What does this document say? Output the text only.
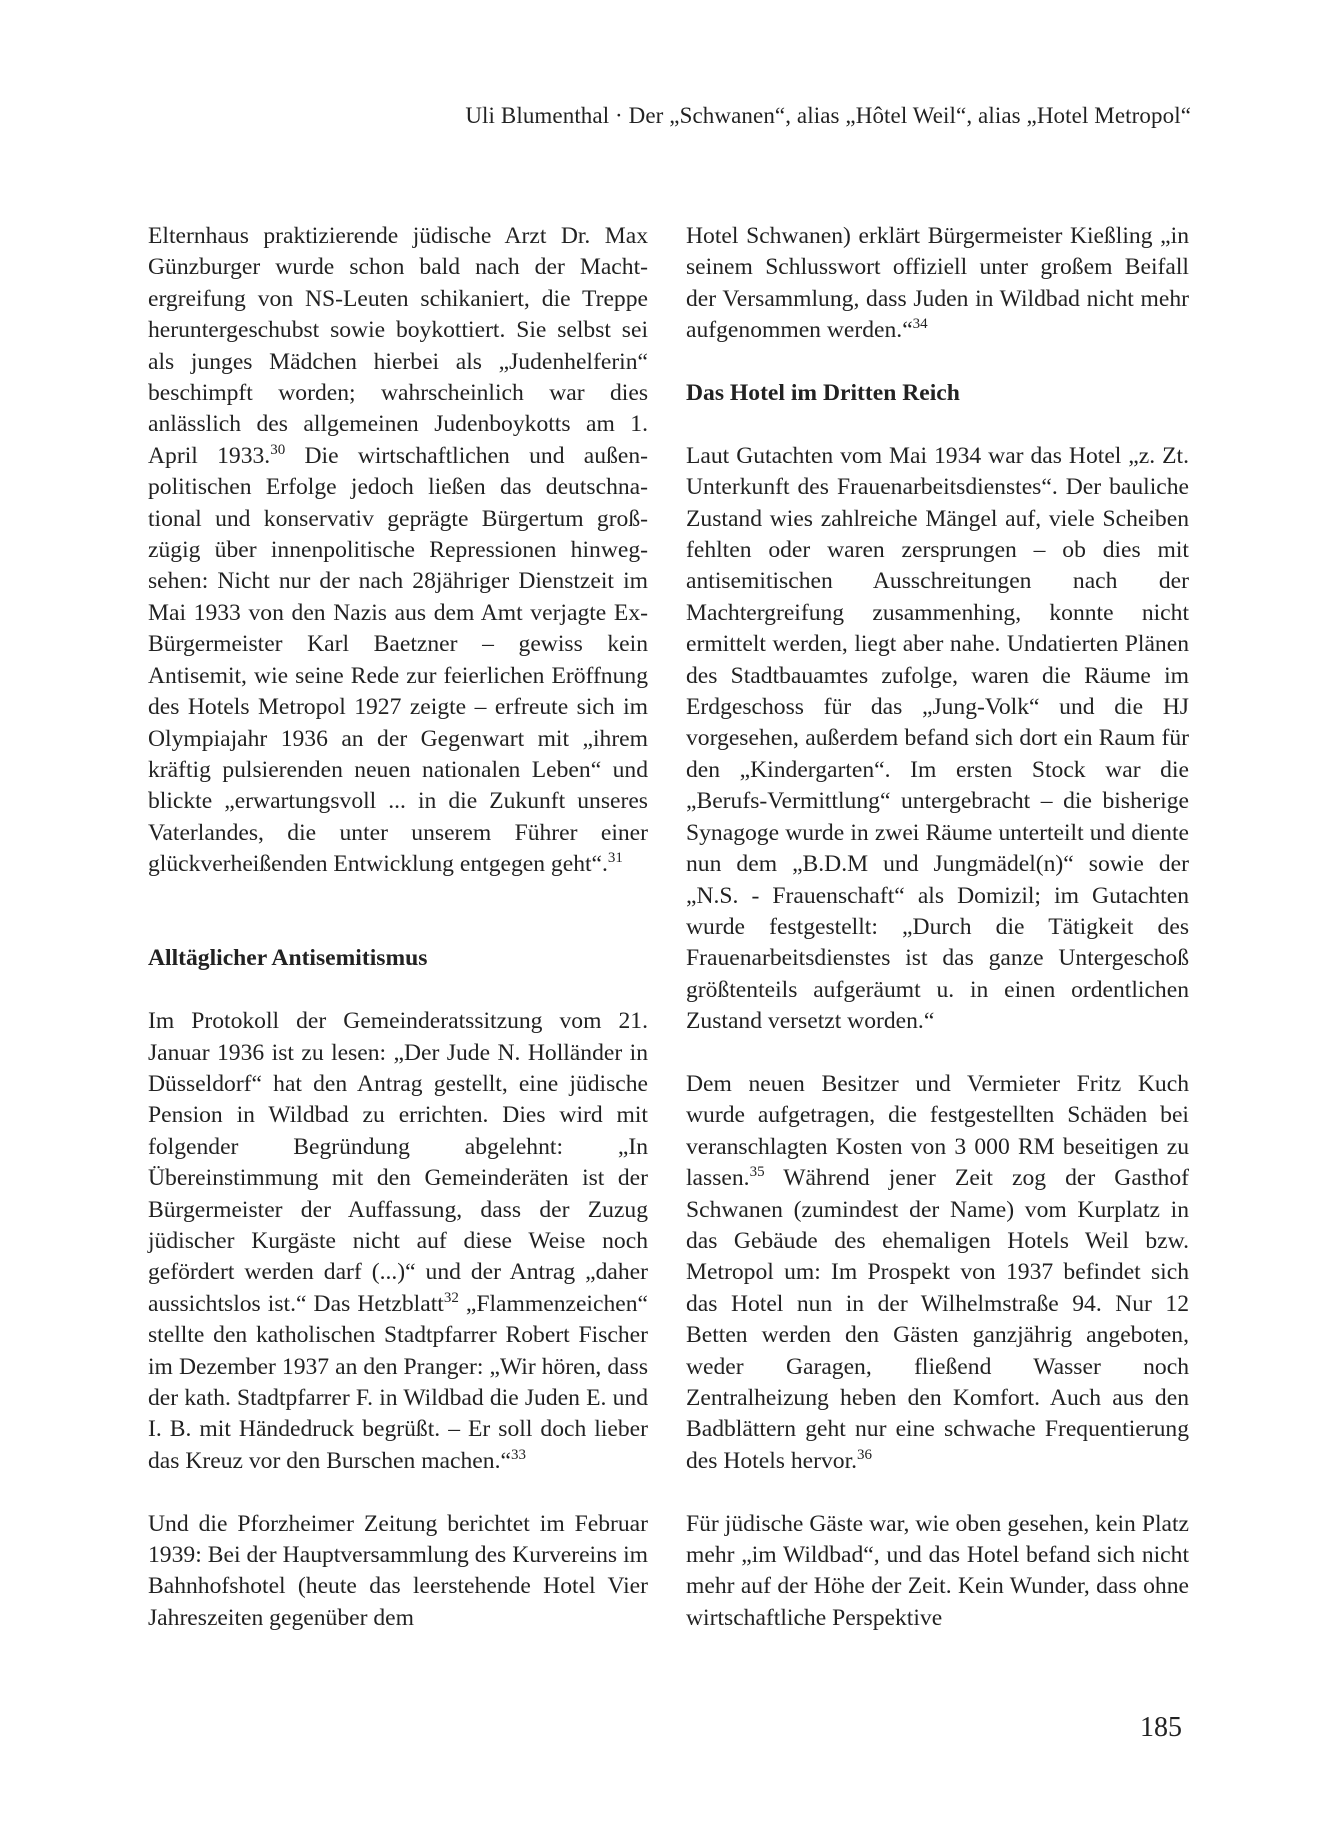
Uli Blumenthal · Der „Schwanen“, alias „Hôtel Weil“, alias „Hotel Metropol“

Elternhaus praktizierende jüdische Arzt Dr. Max Günzburger wurde schon bald nach der Machtergreifung von NS-Leuten schikaniert, die Treppe heruntergeschubst sowie boykottiert. Sie selbst sei als junges Mädchen hierbei als „Judenhelferin“ beschimpft worden; wahrscheinlich war dies anlässlich des allgemeinen Judenboykotts am 1. April 1933.30 Die wirtschaftlichen und außenpolitischen Erfolge jedoch ließen das deutschnational und konservativ geprägte Bürgertum großzügig über innenpolitische Repressionen hinwegsehen: Nicht nur der nach 28jähriger Dienstzeit im Mai 1933 von den Nazis aus dem Amt verjagte Ex-Bürgermeister Karl Baetzner – gewiss kein Antisemit, wie seine Rede zur feierlichen Eröffnung des Hotels Metropol 1927 zeigte – erfreute sich im Olympiajahr 1936 an der Gegenwart mit „ihrem kräftig pulsierenden neuen nationalen Leben“ und blickte „erwartungsvoll ... in die Zukunft unseres Vaterlandes, die unter unserem Führer einer glückverheißenden Entwicklung entgegen geht“.$^{31}$

Alltäglicher Antisemitismus

Im Protokoll der Gemeinderatssitzung vom 21. Januar 1936 ist zu lesen: „Der Jude N. Holländer in Düsseldorf“ hat den Antrag gestellt, eine jüdische Pension in Wildbad zu errichten. Dies wird mit folgender Begründung abgelehnt: „In Übereinstimmung mit den Gemeinderäten ist der Bürgermeister der Auffassung, dass der Zuzug jüdischer Kurgäste nicht auf diese Weise noch gefördert werden darf (...)“ und der Antrag „daher aussichtslos ist.“ Das Hetzblatt$^{32}$ „Flammenzeichen“ stellte den katholischen Stadtpfarrer Robert Fischer im Dezember 1937 an den Pranger: „Wir hören, dass der kath. Stadtpfarrer F. in Wildbad die Juden E. und I. B. mit Händedruck begrüßt. – Er soll doch lieber das Kreuz vor den Burschen machen.“$^{33}$

Und die Pforzheimer Zeitung berichtet im Februar 1939: Bei der Hauptversammlung des Kurvereins im Bahnhofshotel (heute das leerstehende Hotel Vier Jahreszeiten gegenüber dem

Hotel Schwanen) erklärt Bürgermeister Kießling „in seinem Schlusswort offiziell unter großem Beifall der Versammlung, dass Juden in Wildbad nicht mehr aufgenommen werden.“$^{34}$

Das Hotel im Dritten Reich

Laut Gutachten vom Mai 1934 war das Hotel „z. Zt. Unterkunft des Frauenarbeitsdienstes“. Der bauliche Zustand wies zahlreiche Mängel auf, viele Scheiben fehlten oder waren zersprungen – ob dies mit antisemitischen Ausschreitungen nach der Machtergreifung zusammenhing, konnte nicht ermittelt werden, liegt aber nahe. Undatierten Plänen des Stadtbauamtes zufolge, waren die Räume im Erdgeschoss für das „Jung-Volk“ und die HJ vorgesehen, außerdem befand sich dort ein Raum für den „Kindergarten“. Im ersten Stock war die „Berufs-Vermittlung“ untergebracht – die bisherige Synagoge wurde in zwei Räume unterteilt und diente nun dem „B.D.M und Jungmädel(n)“ sowie der „N.S. - Frauenschaft“ als Domizil; im Gutachten wurde festgestellt: „Durch die Tätigkeit des Frauenarbeitsdienstes ist das ganze Untergeschoß größtenteils aufgeräumt u. in einen ordentlichen Zustand versetzt worden.“

Dem neuen Besitzer und Vermieter Fritz Kuch wurde aufgetragen, die festgestellten Schäden bei veranschlagten Kosten von 3 000 RM beseitigen zu lassen.$^{35}$ Während jener Zeit zog der Gasthof Schwanen (zumindest der Name) vom Kurplatz in das Gebäude des ehemaligen Hotels Weil bzw. Metropol um: Im Prospekt von 1937 befindet sich das Hotel nun in der Wilhelmstraße 94. Nur 12 Betten werden den Gästen ganzjährig angeboten, weder Garagen, fließend Wasser noch Zentralheizung heben den Komfort. Auch aus den Badblättern geht nur eine schwache Frequentierung des Hotels hervor.$^{36}$

Für jüdische Gäste war, wie oben gesehen, kein Platz mehr „im Wildbad“, und das Hotel befand sich nicht mehr auf der Höhe der Zeit. Kein Wunder, dass ohne wirtschaftliche Perspektive

185
